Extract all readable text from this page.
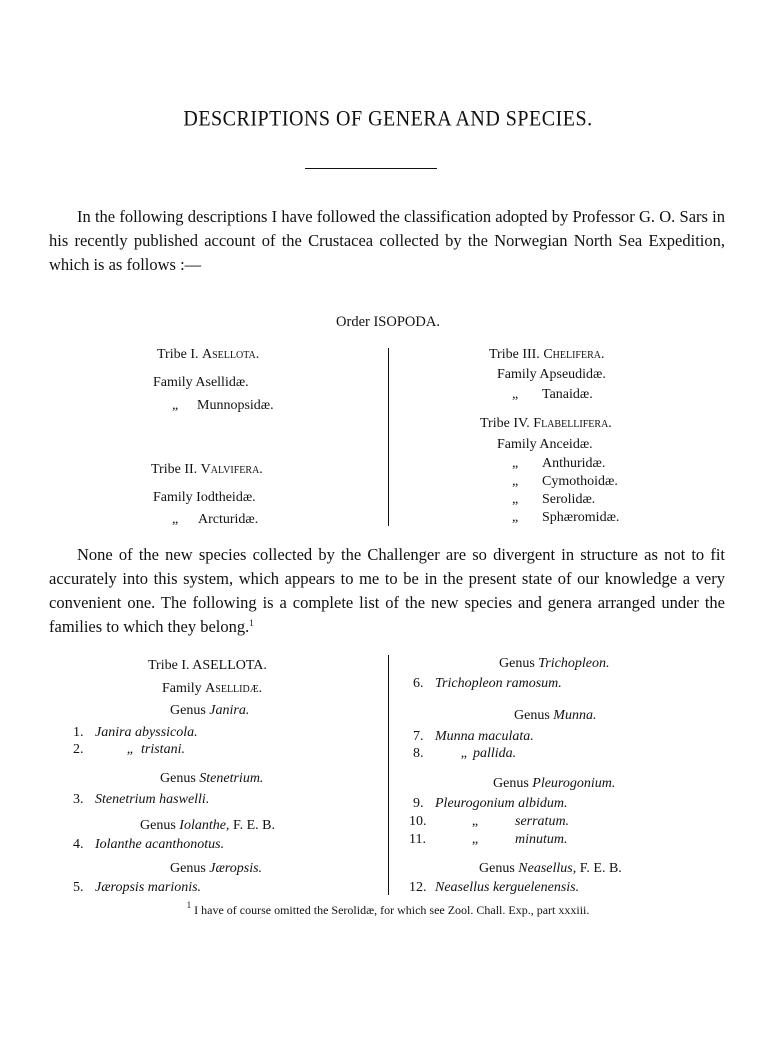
DESCRIPTIONS OF GENERA AND SPECIES.

In the following descriptions I have followed the classification adopted by Professor G. O. Sars in his recently published account of the Crustacea collected by the Norwegian North Sea Expedition, which is as follows :—

Order ISOPODA.
Tribe I. Asellota.
Family Asellidæ.
„ Munnopsidæ.
Tribe II. Valvifera.
Family Iodtheidæ.
„ Arcturidæ.
Tribe III. Chelifera.
Family Apseudidæ.
„ Tanaidæ.
Tribe IV. Flabellifera.
Family Anceidæ.
„ Anthuridæ.
„ Cymothoidæ.
„ Serolidæ.
„ Sphæromidæ.

None of the new species collected by the Challenger are so divergent in structure as not to fit accurately into this system, which appears to me to be in the present state of our knowledge a very convenient one. The following is a complete list of the new species and genera arranged under the families to which they belong.$^1$

Tribe I. ASELLOTA.
Family Asellidæ.
Genus Janira.
1. Janira abyssicola.
2.	„ tristani.
Genus Stenetrium.
3. Stenetrium haswelli.
Genus Iolanthe, F. E. B.
4. Iolanthe acanthonotus.
Genus Jæropsis.
5. Jæropsis marionis.
Genus Trichopleon.
6. Trichopleon ramosum.
Genus Munna.
7. Munna maculata.
8.	„ pallida.
Genus Pleurogonium.
9. Pleurogonium albidum.
10.	„	serratum.
11.	„	minutum.
Genus Neasellus, F. E. B.
12. Neasellus kerguelenensis.
$^1$ I have of course omitted the Serolidæ, for which see Zool. Chall. Exp., part xxxiii.
